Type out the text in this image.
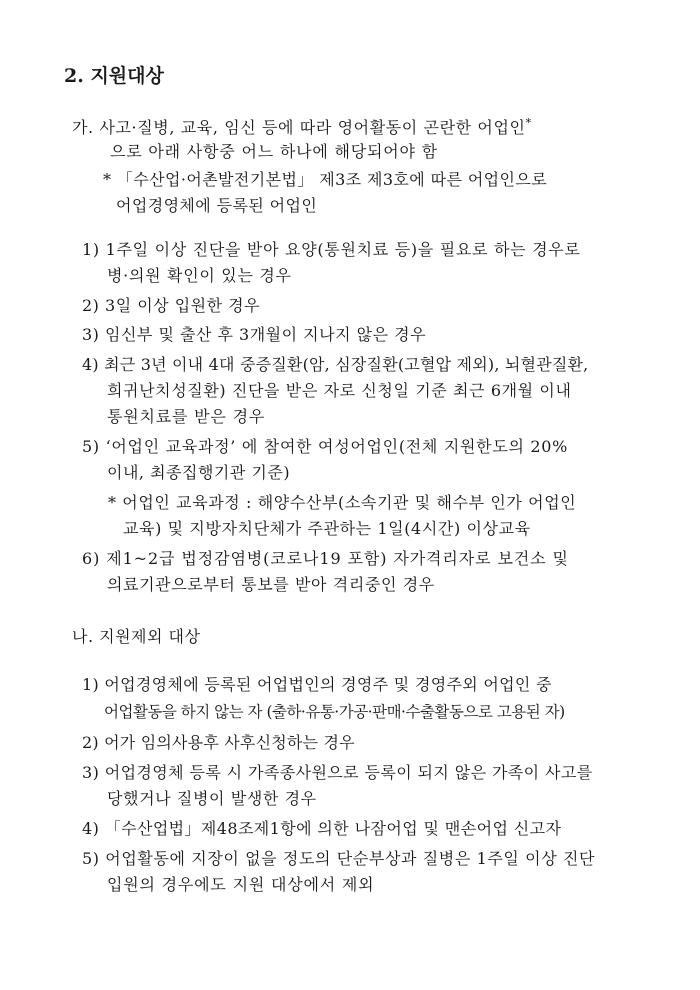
2. 지원대상
가. 사고·질병, 교육, 임신 등에 따라 영어활동이 곤란한 어업인*
으로 아래 사항중 어느 하나에 해당되어야 함
* 「수산업·어촌발전기본법」 제3조 제3호에 따른 어업인으로
어업경영체에 등록된 어업인
1) 1주일 이상 진단을 받아 요양(통원치료 등)을 필요로 하는 경우로
병·의원 확인이 있는 경우
2) 3일 이상 입원한 경우
3) 임신부 및 출산 후 3개월이 지나지 않은 경우
4) 최근 3년 이내 4대 중증질환(암, 심장질환(고혈압 제외), 뇌혈관질환,
희귀난치성질환) 진단을 받은 자로 신청일 기준 최근 6개월 이내
통원치료를 받은 경우
5) ‘어업인 교육과정’ 에 참여한 여성어업인(전체 지원한도의 20%
이내, 최종집행기관 기준)
* 어업인 교육과정 : 해양수산부(소속기관 및 해수부 인가 어업인
교육) 및 지방자치단체가 주관하는 1일(4시간) 이상교육
6) 제1~2급 법정감염병(코로나19 포함) 자가격리자로 보건소 및
의료기관으로부터 통보를 받아 격리중인 경우
나. 지원제외 대상
1) 어업경영체에 등록된 어업법인의 경영주 및 경영주외 어업인 중
어업활동을 하지 않는 자 (출하·유통·가공·판매·수출활동으로 고용된 자)
2) 어가 임의사용후 사후신청하는 경우
3) 어업경영체 등록 시 가족종사원으로 등록이 되지 않은 가족이 사고를
당했거나 질병이 발생한 경우
4) 「수산업법」제48조제1항에 의한 나잠어업 및 맨손어업 신고자
5) 어업활동에 지장이 없을 정도의 단순부상과 질병은 1주일 이상 진단
입원의 경우에도 지원 대상에서 제외
